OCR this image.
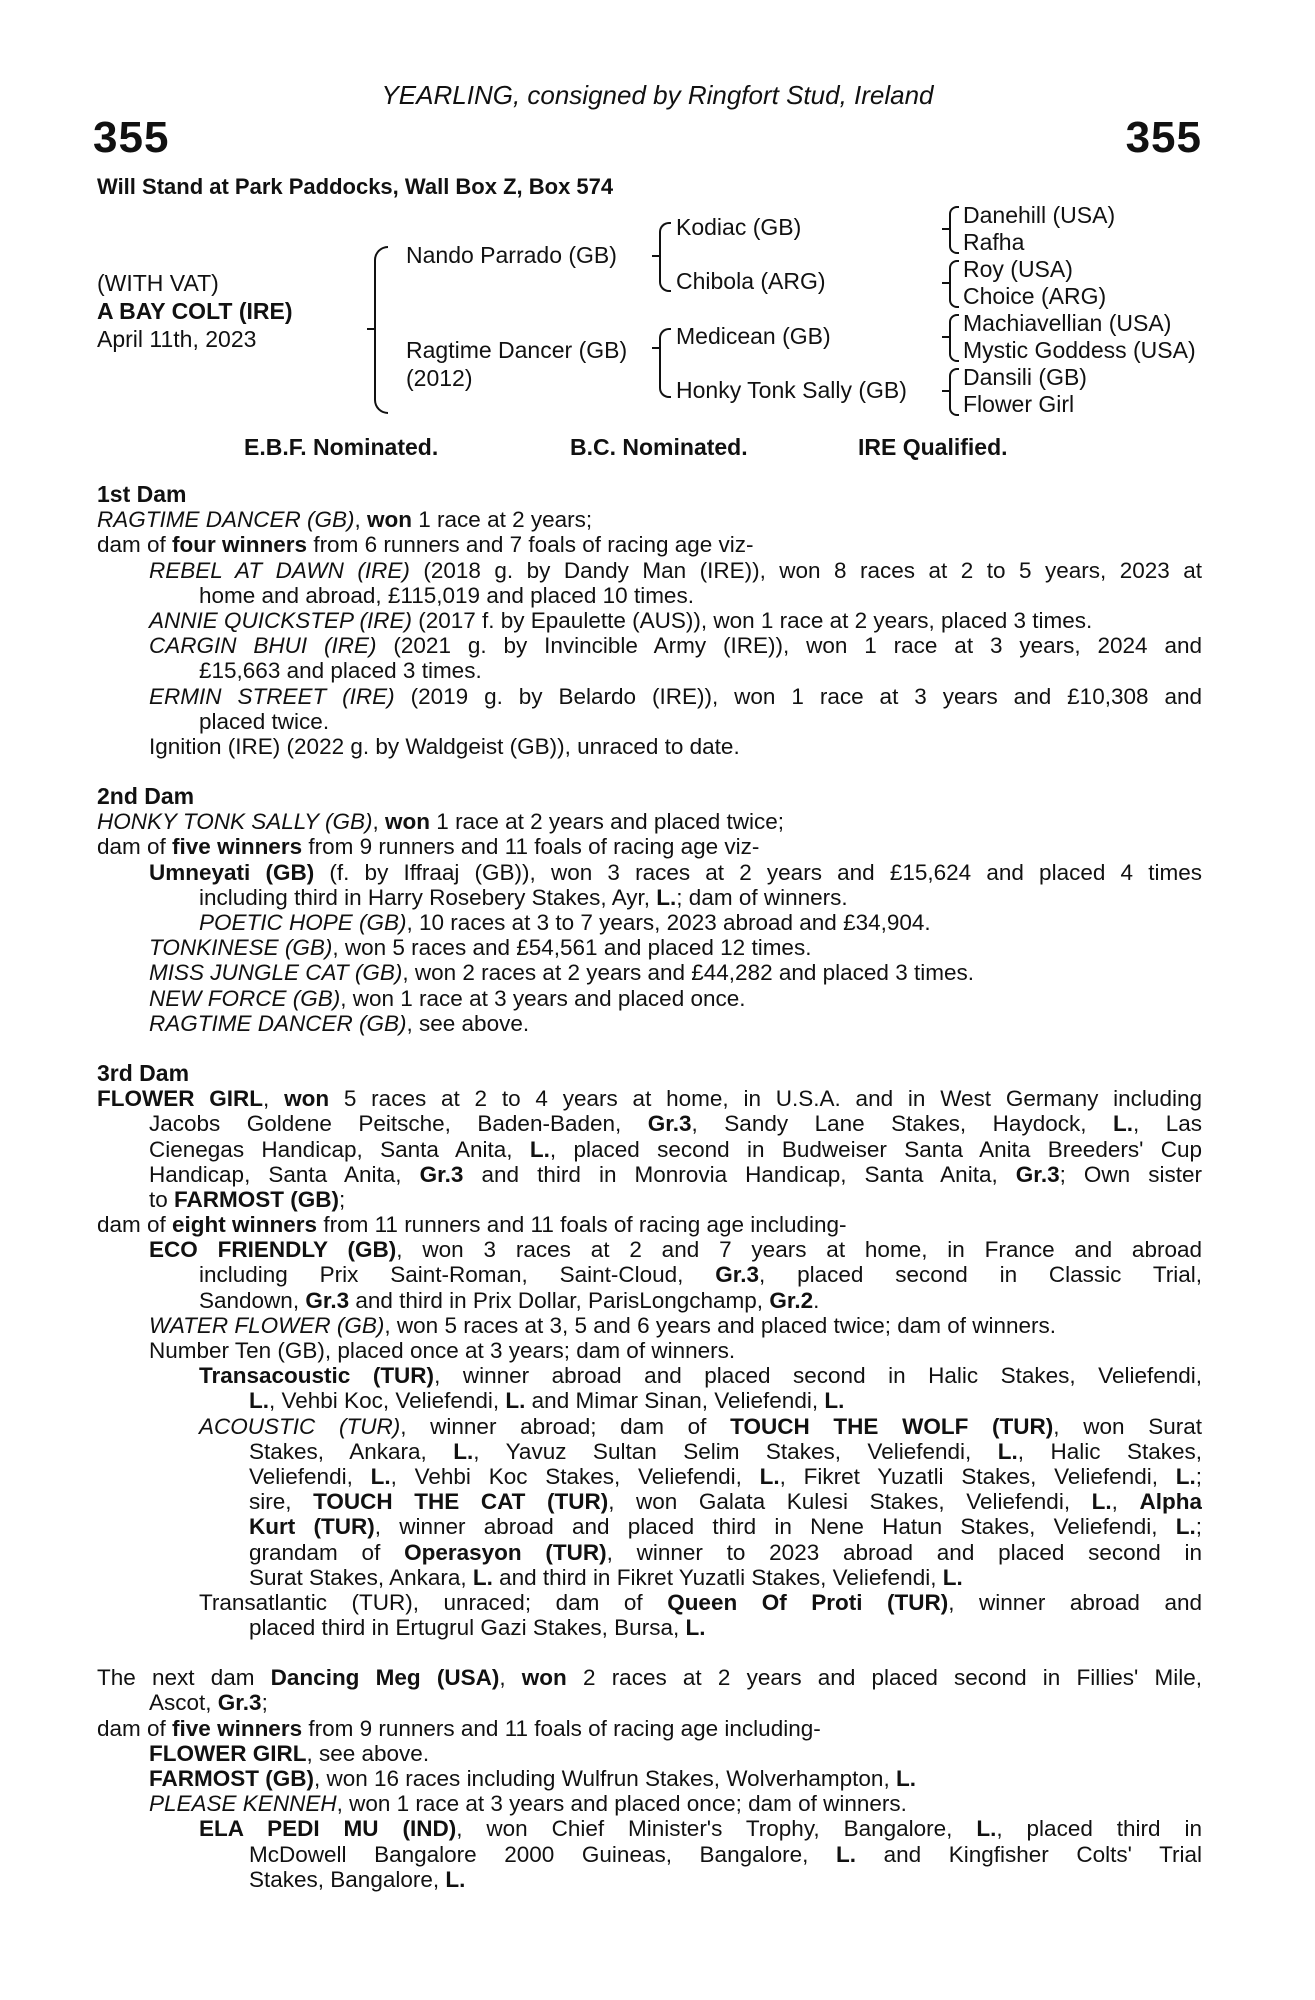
YEARLING, consigned by Ringfort Stud, Ireland
355	355
Will Stand at Park Paddocks, Wall Box Z, Box 574
(WITH VAT)
A BAY COLT (IRE)
April 11th, 2023
Nando Parrado (GB)
Ragtime Dancer (GB)
(2012)
Kodiac (GB)
Chibola (ARG)
Medicean (GB)
Honky Tonk Sally (GB)
Danehill (USA)
Rafha
Roy (USA)
Choice (ARG)
Machiavellian (USA)
Mystic Goddess (USA)
Dansili (GB)
Flower Girl
E.B.F. Nominated.	B.C. Nominated.	IRE Qualified.
1st Dam
RAGTIME DANCER (GB), won 1 race at 2 years;
dam of four winners from 6 runners and 7 foals of racing age viz-
REBEL AT DAWN (IRE) (2018 g. by Dandy Man (IRE)), won 8 races at 2 to 5 years, 2023 at
home and abroad, £115,019 and placed 10 times.
ANNIE QUICKSTEP (IRE) (2017 f. by Epaulette (AUS)), won 1 race at 2 years, placed 3 times.
CARGIN BHUI (IRE) (2021 g. by Invincible Army (IRE)), won 1 race at 3 years, 2024 and
£15,663 and placed 3 times.
ERMIN STREET (IRE) (2019 g. by Belardo (IRE)), won 1 race at 3 years and £10,308 and
placed twice.
Ignition (IRE) (2022 g. by Waldgeist (GB)), unraced to date.
2nd Dam
HONKY TONK SALLY (GB), won 1 race at 2 years and placed twice;
dam of five winners from 9 runners and 11 foals of racing age viz-
Umneyati (GB) (f. by Iffraaj (GB)), won 3 races at 2 years and £15,624 and placed 4 times
including third in Harry Rosebery Stakes, Ayr, L.; dam of winners.
POETIC HOPE (GB), 10 races at 3 to 7 years, 2023 abroad and £34,904.
TONKINESE (GB), won 5 races and £54,561 and placed 12 times.
MISS JUNGLE CAT (GB), won 2 races at 2 years and £44,282 and placed 3 times.
NEW FORCE (GB), won 1 race at 3 years and placed once.
RAGTIME DANCER (GB), see above.
3rd Dam
FLOWER GIRL, won 5 races at 2 to 4 years at home, in U.S.A. and in West Germany including
Jacobs Goldene Peitsche, Baden-Baden, Gr.3, Sandy Lane Stakes, Haydock, L., Las
Cienegas Handicap, Santa Anita, L., placed second in Budweiser Santa Anita Breeders' Cup
Handicap, Santa Anita, Gr.3 and third in Monrovia Handicap, Santa Anita, Gr.3; Own sister
to FARMOST (GB);
dam of eight winners from 11 runners and 11 foals of racing age including-
ECO FRIENDLY (GB), won 3 races at 2 and 7 years at home, in France and abroad
including Prix Saint-Roman, Saint-Cloud, Gr.3, placed second in Classic Trial,
Sandown, Gr.3 and third in Prix Dollar, ParisLongchamp, Gr.2.
WATER FLOWER (GB), won 5 races at 3, 5 and 6 years and placed twice; dam of winners.
Number Ten (GB), placed once at 3 years; dam of winners.
Transacoustic (TUR), winner abroad and placed second in Halic Stakes, Veliefendi,
L., Vehbi Koc, Veliefendi, L. and Mimar Sinan, Veliefendi, L.
ACOUSTIC (TUR), winner abroad; dam of TOUCH THE WOLF (TUR), won Surat
Stakes, Ankara, L., Yavuz Sultan Selim Stakes, Veliefendi, L., Halic Stakes,
Veliefendi, L., Vehbi Koc Stakes, Veliefendi, L., Fikret Yuzatli Stakes, Veliefendi, L.;
sire, TOUCH THE CAT (TUR), won Galata Kulesi Stakes, Veliefendi, L., Alpha
Kurt (TUR), winner abroad and placed third in Nene Hatun Stakes, Veliefendi, L.;
grandam of Operasyon (TUR), winner to 2023 abroad and placed second in
Surat Stakes, Ankara, L. and third in Fikret Yuzatli Stakes, Veliefendi, L.
Transatlantic (TUR), unraced; dam of Queen Of Proti (TUR), winner abroad and
placed third in Ertugrul Gazi Stakes, Bursa, L.
The next dam Dancing Meg (USA), won 2 races at 2 years and placed second in Fillies' Mile,
Ascot, Gr.3;
dam of five winners from 9 runners and 11 foals of racing age including-
FLOWER GIRL, see above.
FARMOST (GB), won 16 races including Wulfrun Stakes, Wolverhampton, L.
PLEASE KENNEH, won 1 race at 3 years and placed once; dam of winners.
ELA PEDI MU (IND), won Chief Minister's Trophy, Bangalore, L., placed third in
McDowell Bangalore 2000 Guineas, Bangalore, L. and Kingfisher Colts' Trial
Stakes, Bangalore, L.
